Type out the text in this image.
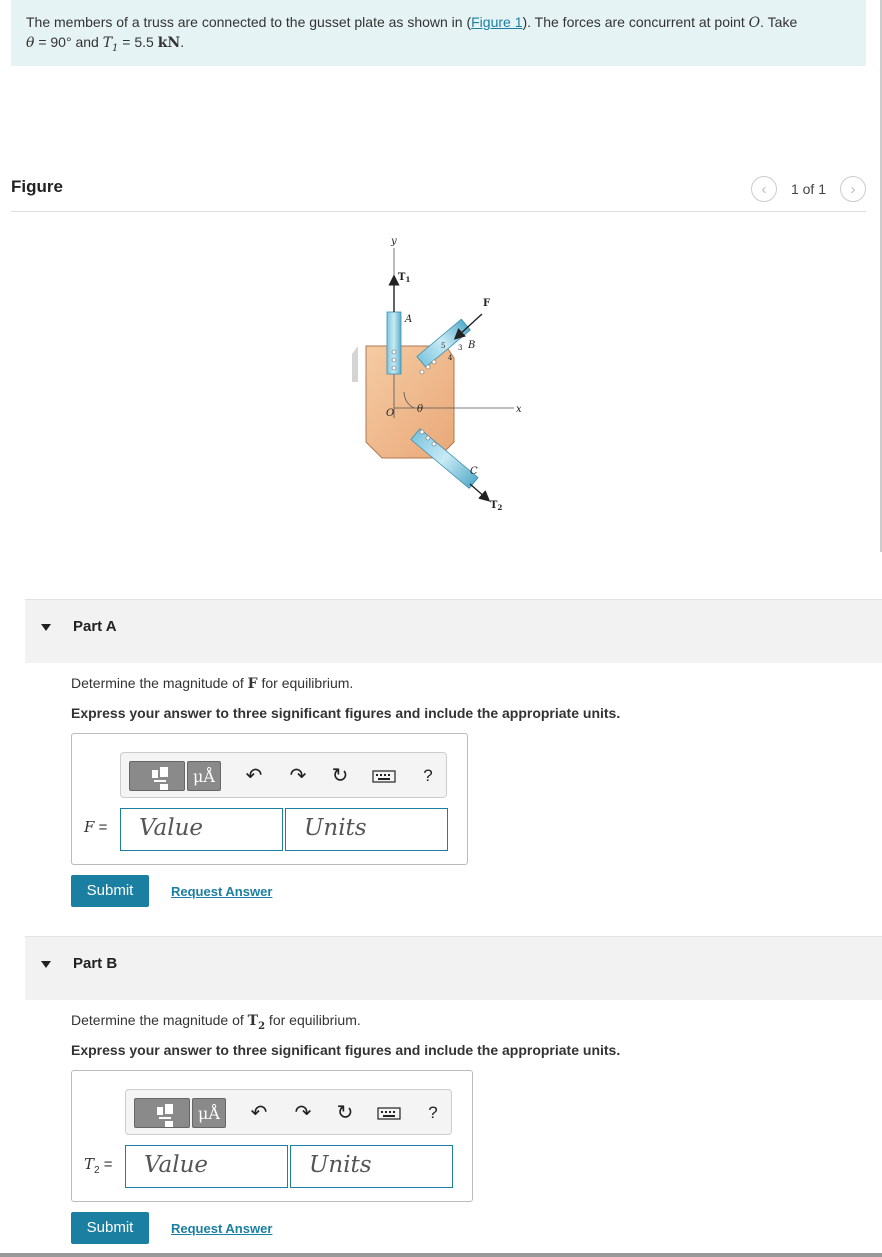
The members of a truss are connected to the gusset plate as shown in (Figure 1). The forces are concurrent at point O. Take
θ = 90° and $T_1 = 5.5$ kN.
Figure	‹	1 of 1	›
y
x
$T_1$
F
A
B
C
O θ
$T_2$
5 3
4
Part A
Determine the magnitude of F for equilibrium.
Express your answer to three significant figures and include the appropriate units.
μÅ	↶ ↷ ↻	?
F =	Value	Units
Submit	Request Answer
Part B
Determine the magnitude of $T_2$ for equilibrium.
Express your answer to three significant figures and include the appropriate units.
μÅ	↶ ↷ ↻	?
$T_2$ =	Value	Units
Submit	Request Answer
